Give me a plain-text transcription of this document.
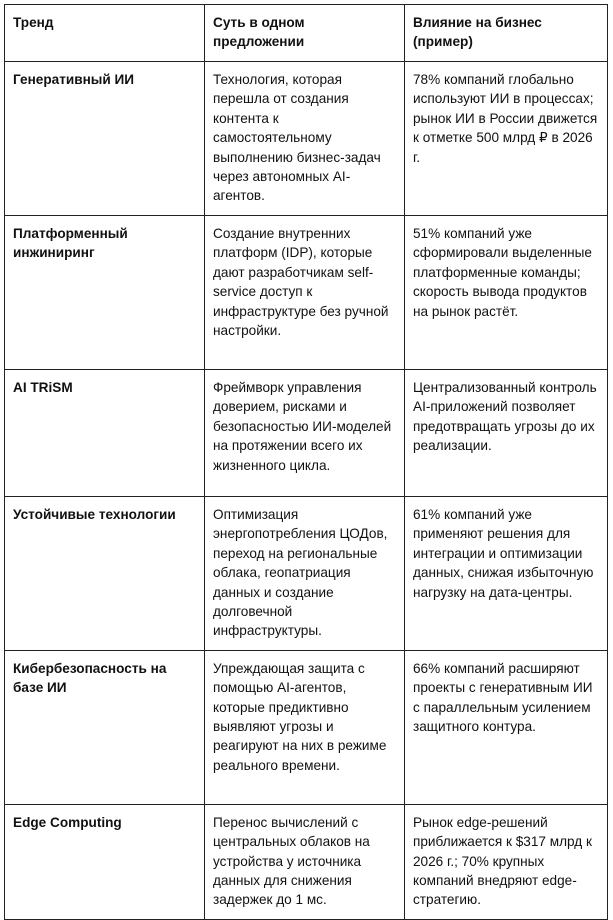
Тренд	Суть в одном предложении	Влияние на бизнес (пример)
Генеративный ИИ	Технология, которая перешла от создания контента к самостоятельному выполнению бизнес-задач через автономных AI-агентов.	78% компаний глобально используют ИИ в процессах; рынок ИИ в России движется к отметке 500 млрд ₽ в 2026 г.
Платформенный инжиниринг	Создание внутренних платформ (IDP), которые дают разработчикам self-service доступ к инфраструктуре без ручной настройки.	51% компаний уже сформировали выделенные платформенные команды; скорость вывода продуктов на рынок растёт.
AI TRiSM	Фреймворк управления доверием, рисками и безопасностью ИИ-моделей на протяжении всего их жизненного цикла.	Централизованный контроль AI-приложений позволяет предотвращать угрозы до их реализации.
Устойчивые технологии	Оптимизация энергопотребления ЦОДов, переход на региональные облака, геопатриация данных и создание долговечной инфраструктуры.	61% компаний уже применяют решения для интеграции и оптимизации данных, снижая избыточную нагрузку на дата-центры.
Кибербезопасность на базе ИИ	Упреждающая защита с помощью AI-агентов, которые предиктивно выявляют угрозы и реагируют на них в режиме реального времени.	66% компаний расширяют проекты с генеративным ИИ с параллельным усилением защитного контура.
Edge Computing	Перенос вычислений с центральных облаков на устройства у источника данных для снижения задержек до 1 мс.	Рынок edge-решений приближается к $317 млрд к 2026 г.; 70% крупных компаний внедряют edge-стратегию.
